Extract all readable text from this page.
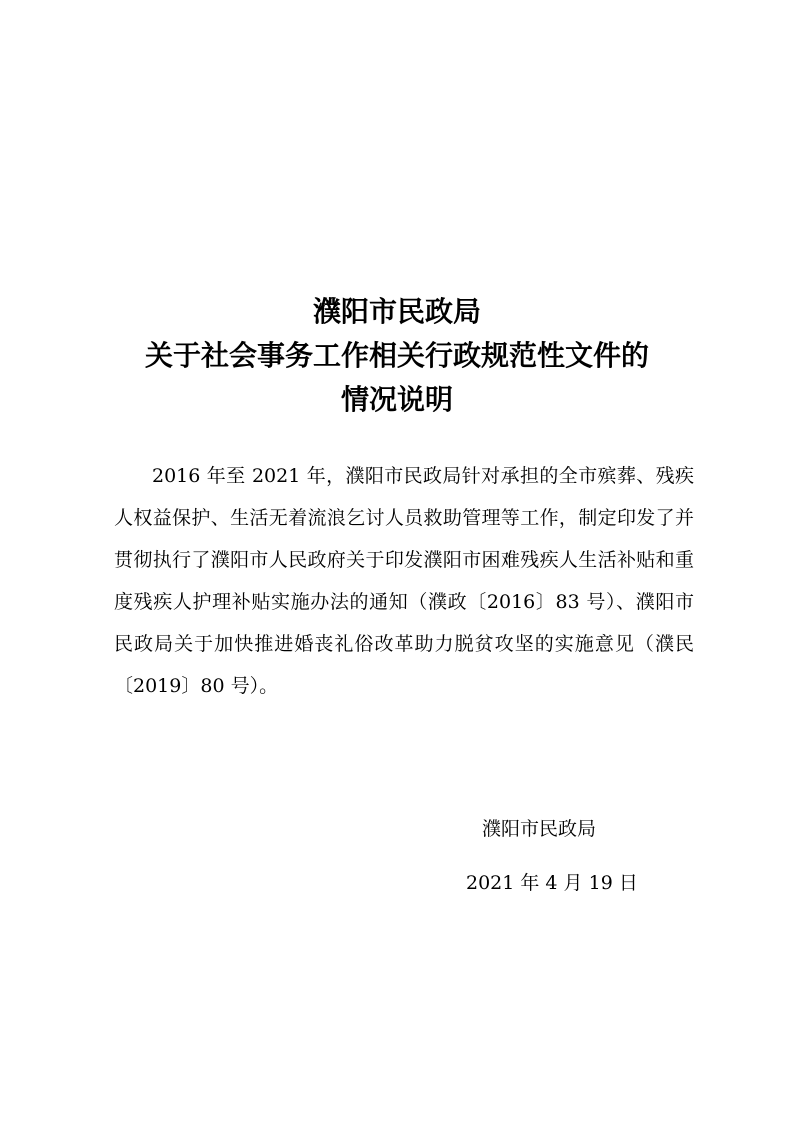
濮阳市民政局
关于社会事务工作相关行政规范性文件的
情况说明

2016 年至 2021 年，濮阳市民政局针对承担的全市殡葬、残疾人权益保护、生活无着流浪乞讨人员救助管理等工作，制定印发了并贯彻执行了濮阳市人民政府关于印发濮阳市困难残疾人生活补贴和重度残疾人护理补贴实施办法的通知（濮政〔2016〕83 号）、濮阳市民政局关于加快推进婚丧礼俗改革助力脱贫攻坚的实施意见（濮民〔2019〕80 号）。

濮阳市民政局
2021 年 4 月 19 日
